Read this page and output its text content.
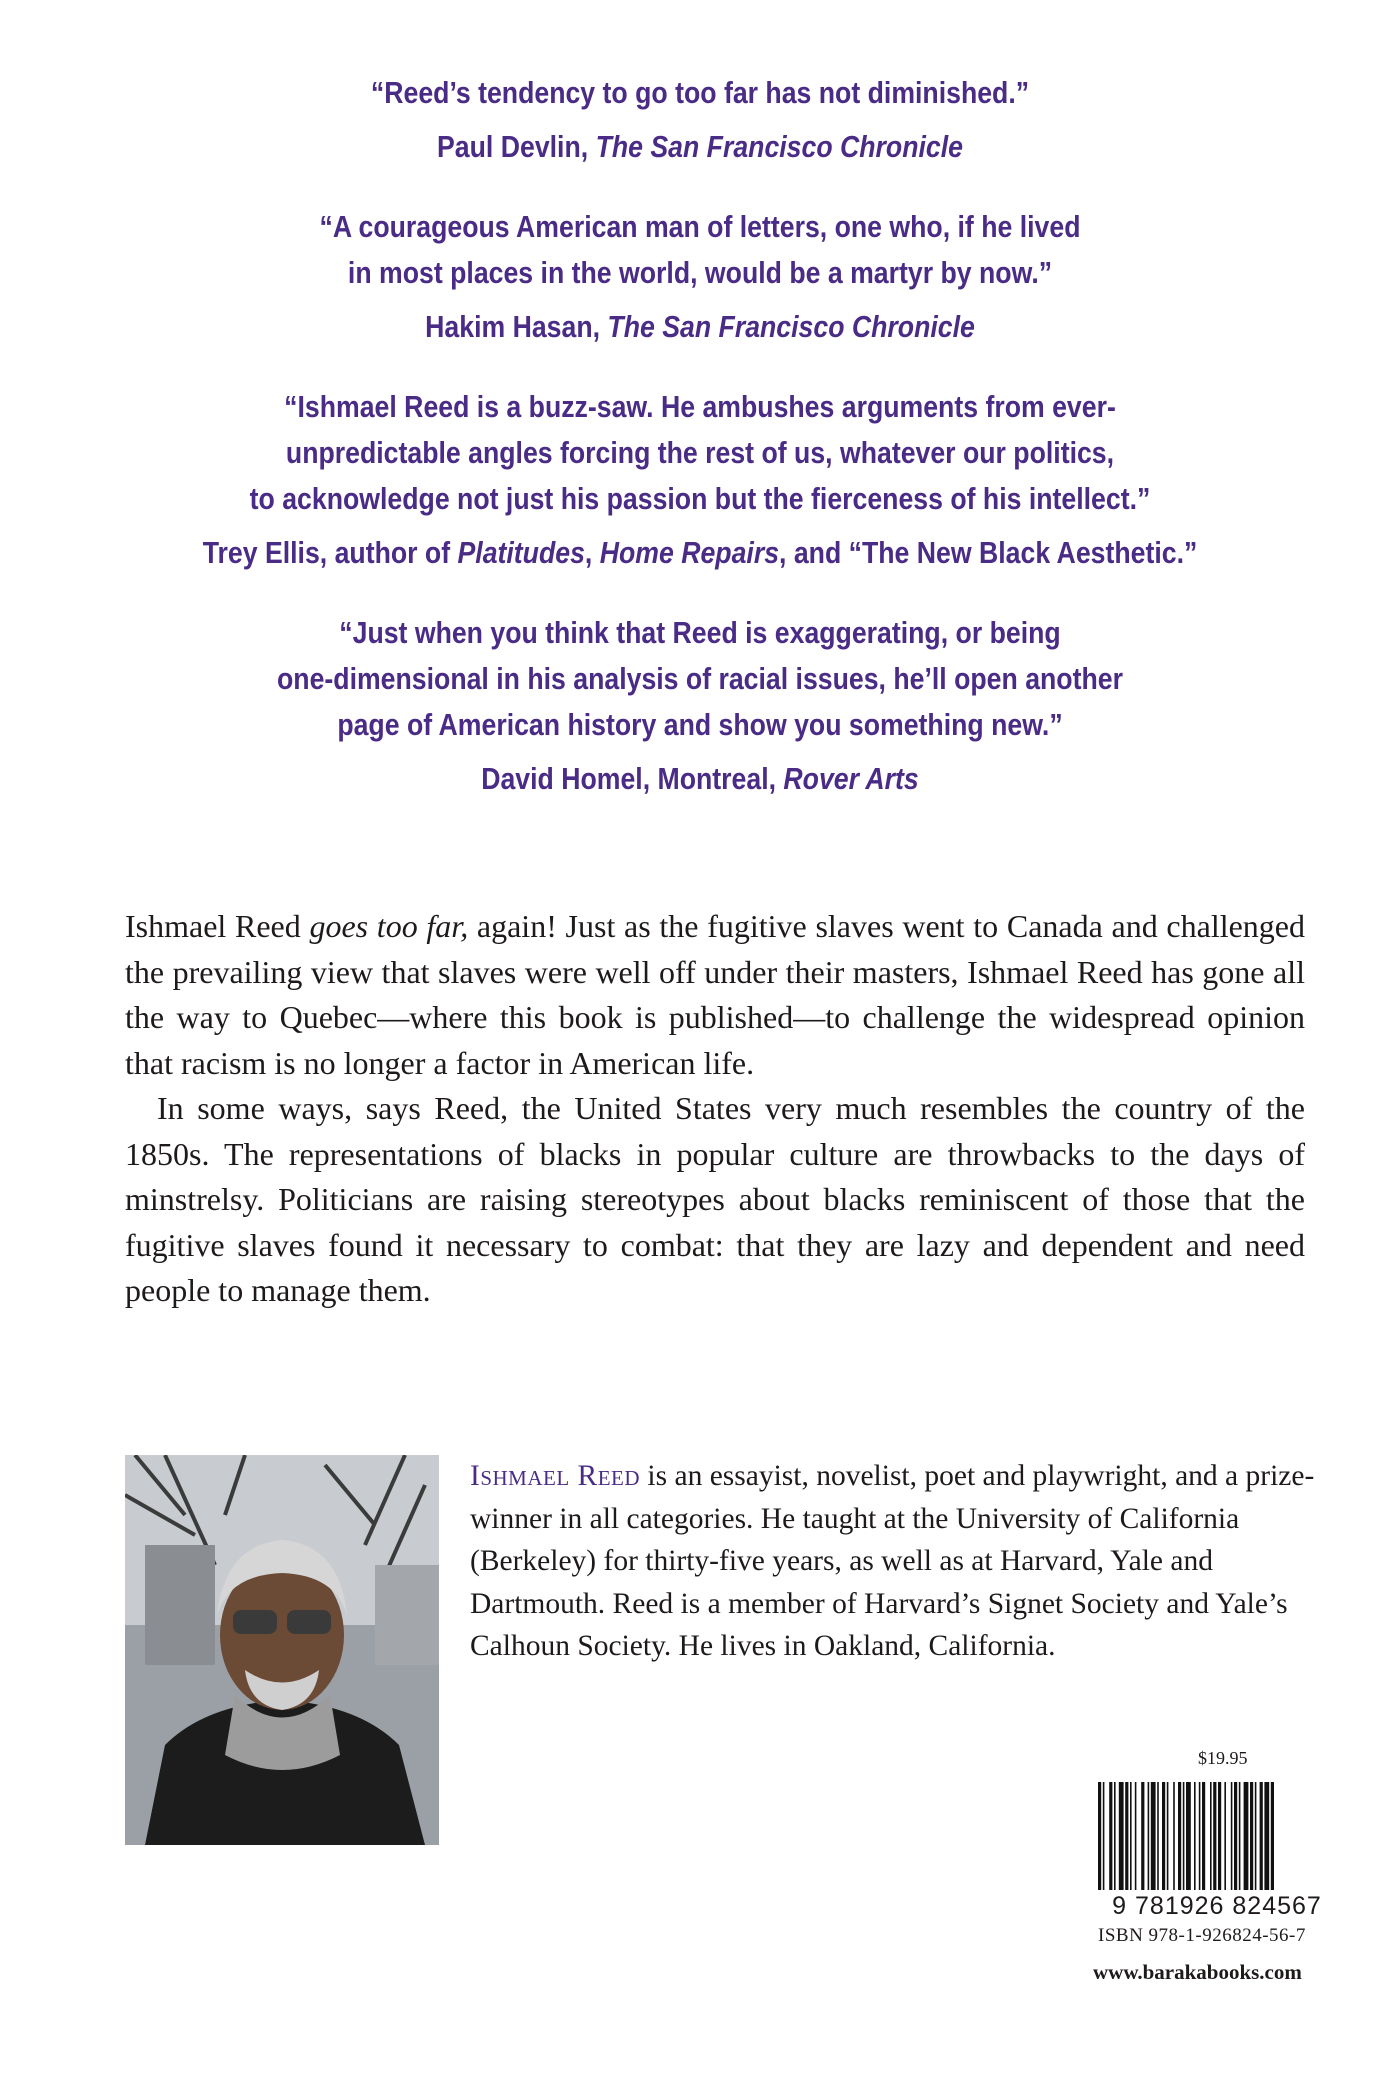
“Reed’s tendency to go too far has not diminished.”
Paul Devlin, The San Francisco Chronicle
“A courageous American man of letters, one who, if he lived
in most places in the world, would be a martyr by now.”
Hakim Hasan, The San Francisco Chronicle
“Ishmael Reed is a buzz-saw. He ambushes arguments from ever-
unpredictable angles forcing the rest of us, whatever our politics,
to acknowledge not just his passion but the fierceness of his intellect.”
Trey Ellis, author of Platitudes, Home Repairs, and “The New Black Aesthetic.”
“Just when you think that Reed is exaggerating, or being
one-dimensional in his analysis of racial issues, he’ll open another
page of American history and show you something new.”
David Homel, Montreal, Rover Arts

Ishmael Reed goes too far, again! Just as the fugitive slaves went to Canada and challenged the prevailing view that slaves were well off under their masters, Ishmael Reed has gone all the way to Quebec—where this book is published—to challenge the widespread opinion that racism is no longer a factor in American life.

In some ways, says Reed, the United States very much resembles the country of the 1850s. The representations of blacks in popular culture are throwbacks to the days of minstrelsy. Politicians are raising stereotypes about blacks reminiscent of those that the fugitive slaves found it necessary to combat: that they are lazy and dependent and need people to manage them.

Ishmael Reed is an essayist, novelist, poet and playwright, and a prize-winner in all categories. He taught at the University of California (Berkeley) for thirty-five years, as well as at Harvard, Yale and Dartmouth. Reed is a member of Harvard’s Signet Society and Yale’s Calhoun Society. He lives in Oakland, California.
$19.95
9 781926 824567
ISBN 978-1-926824-56-7
www.barakabooks.com
